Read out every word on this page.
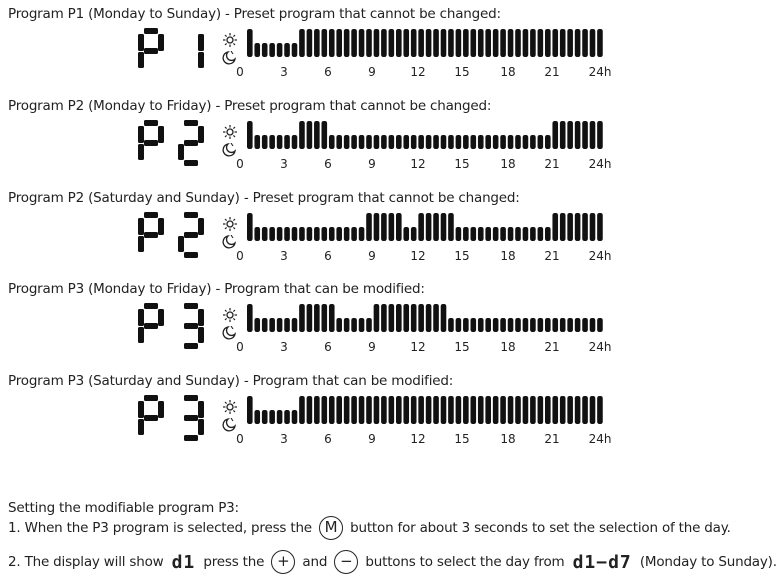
Program P1 (Monday to Sunday) - Preset program that cannot be changed:
0	3	6	9	12 15	18 21 24h
Program P2 (Monday to Friday) - Preset program that cannot be changed:
0	3	6	9	12 15	18 21 24h
Program P2 (Saturday and Sunday) - Preset program that cannot be changed:
0	3	6	9	12 15	18 21 24h
Program P3 (Monday to Friday) - Program that can be modified:
0	3	6	9	12 15	18 21 24h
Program P3 (Saturday and Sunday) - Program that can be modified:
0	3	6	9	12 15	18 21 24h
Setting the modifiable program P3:
1. When the P3 program is selected, press the M button for about 3 seconds to set the selection of the day.
2. The display will show d1 press the + and − buttons to select the day from d1−d7 (Monday to Sunday).
